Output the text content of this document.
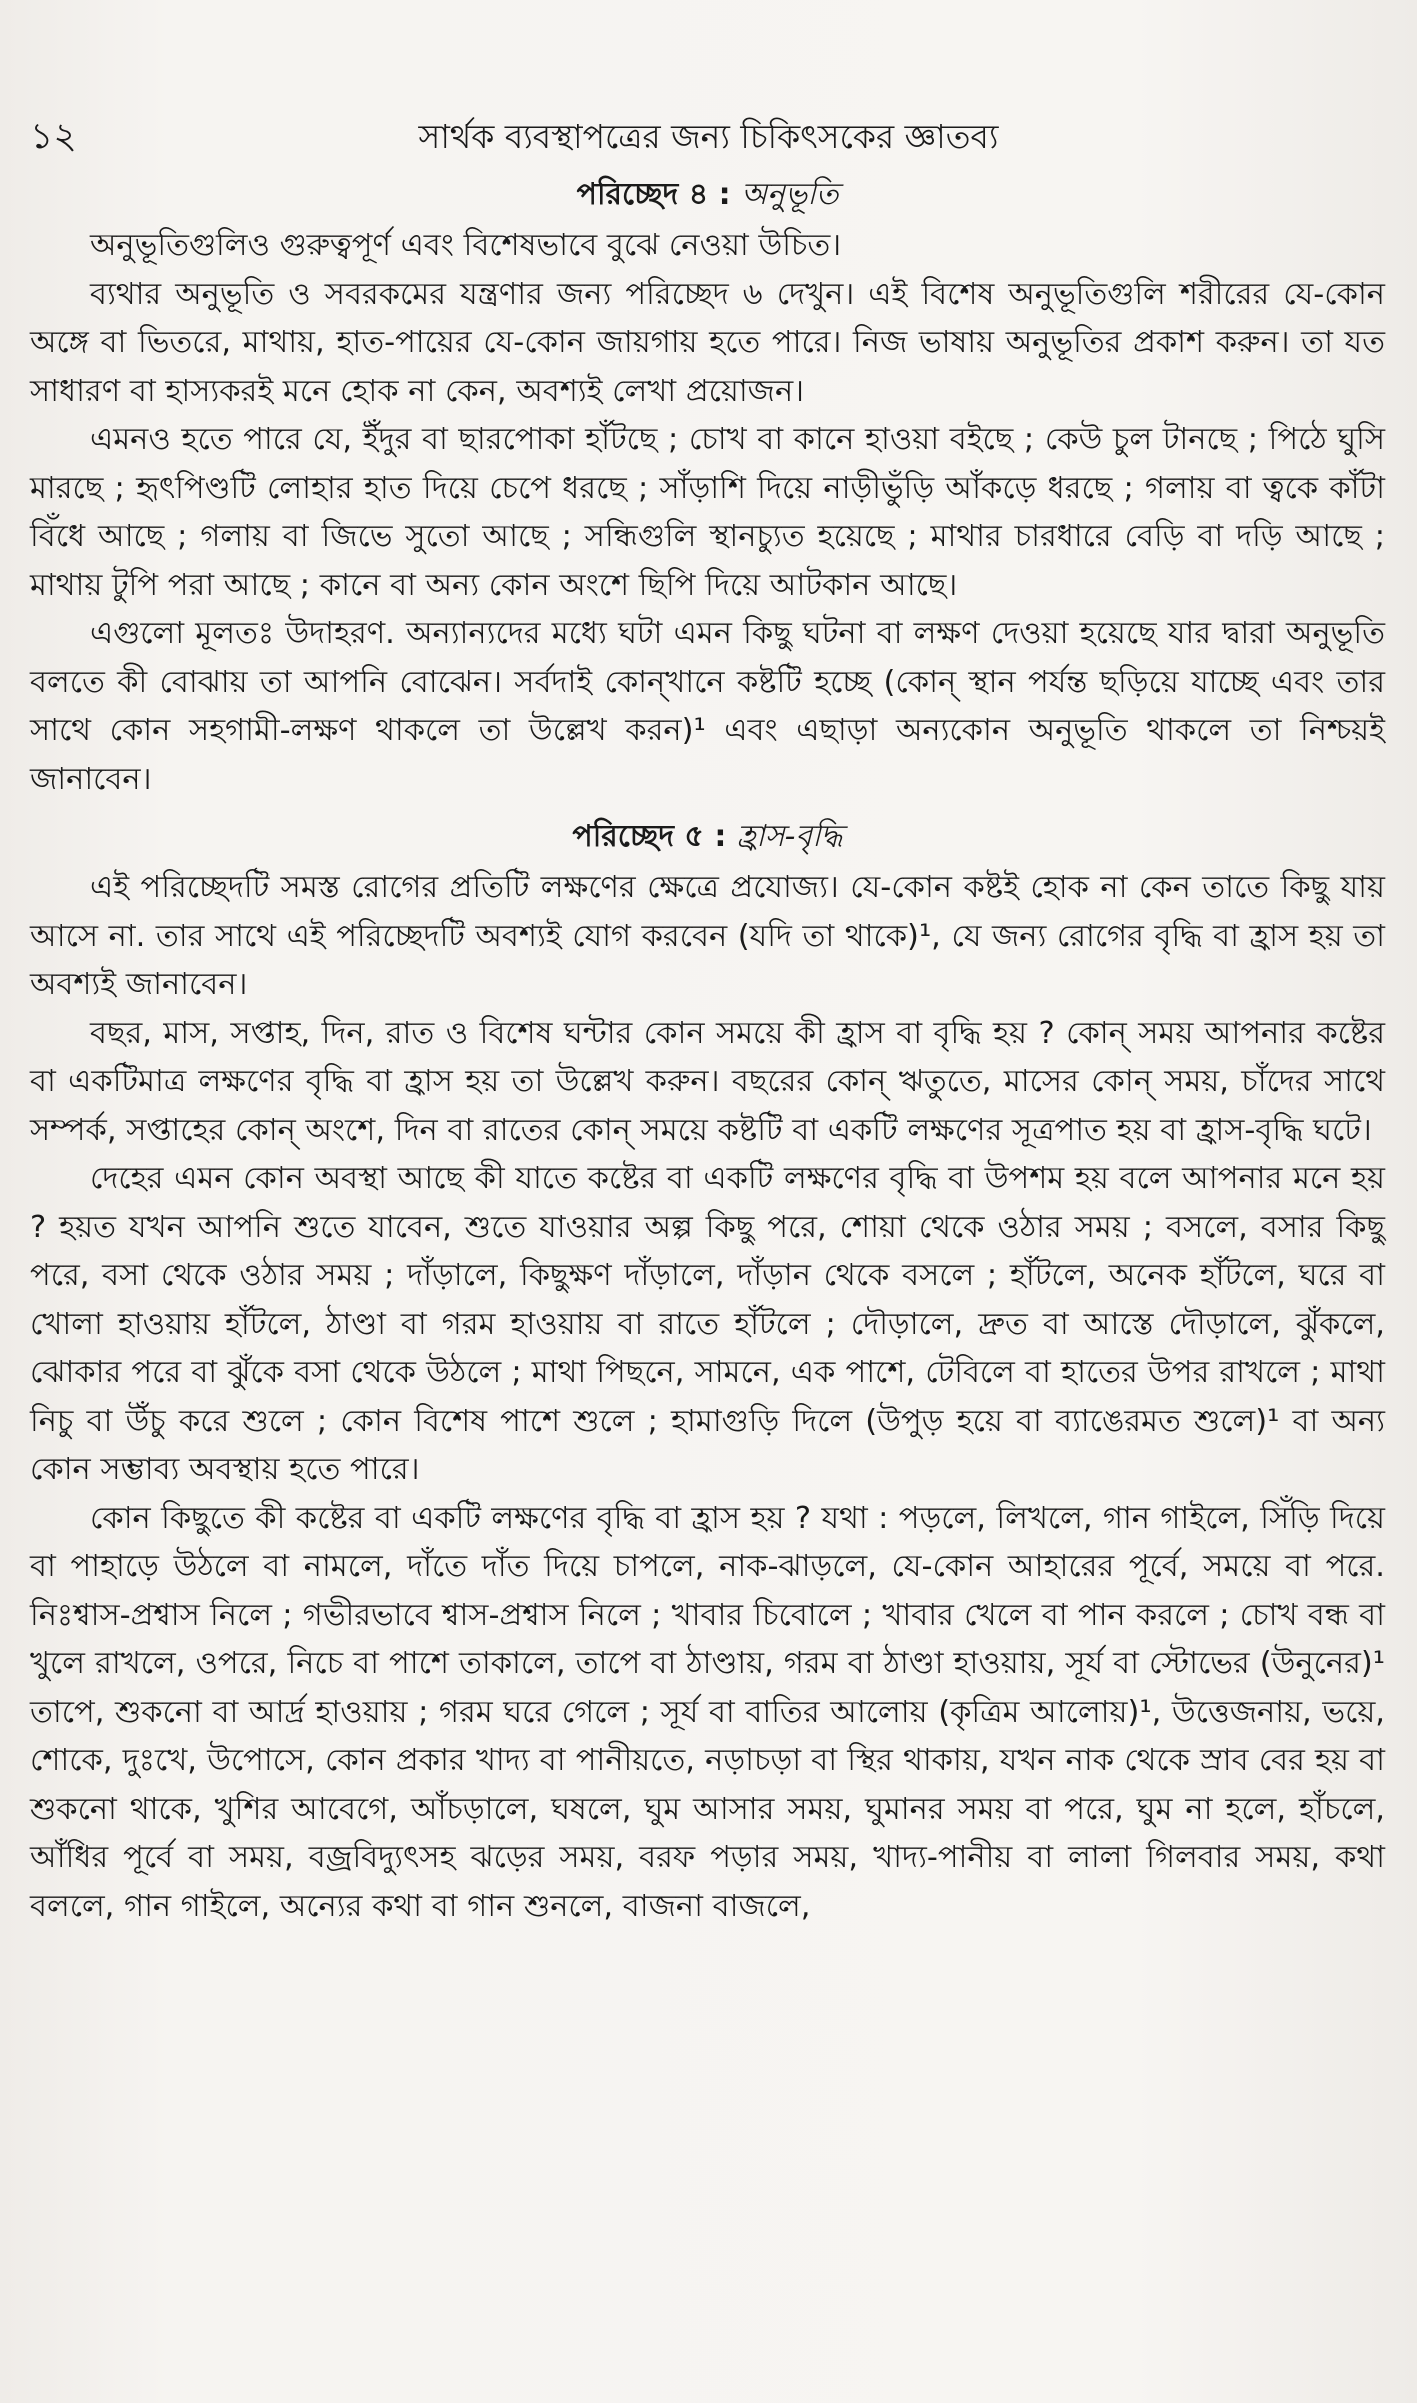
১২	সার্থক ব্যবস্থাপত্রের জন্য চিকিৎসকের জ্ঞাতব্য
পরিচ্ছেদ ৪ : অনুভূতি

অনুভূতিগুলিও গুরুত্বপূর্ণ এবং বিশেষভাবে বুঝে নেওয়া উচিত।

ব্যথার অনুভূতি ও সবরকমের যন্ত্রণার জন্য পরিচ্ছেদ ৬ দেখুন। এই বিশেষ অনুভূতিগুলি শরীরের যে-কোন অঙ্গে বা ভিতরে, মাথায়, হাত-পায়ের যে-কোন জায়গায় হতে পারে। নিজ ভাষায় অনুভূতির প্রকাশ করুন। তা যত সাধারণ বা হাস্যকরই মনে হোক না কেন, অবশ্যই লেখা প্রয়োজন।

এমনও হতে পারে যে, ইঁদুর বা ছারপোকা হাঁটছে ; চোখ বা কানে হাওয়া বইছে ; কেউ চুল টানছে ; পিঠে ঘুসি মারছে ; হৃৎপিণ্ডটি লোহার হাত দিয়ে চেপে ধরছে ; সাঁড়াশি দিয়ে নাড়ীভুঁড়ি আঁকড়ে ধরছে ; গলায় বা ত্বকে কাঁটা বিঁধে আছে ; গলায় বা জিভে সুতো আছে ; সন্ধিগুলি স্থানচ্যুত হয়েছে ; মাথার চারধারে বেড়ি বা দড়ি আছে ; মাথায় টুপি পরা আছে ; কানে বা অন্য কোন অংশে ছিপি দিয়ে আটকান আছে।

এগুলো মূলতঃ উদাহরণ. অন্যান্যদের মধ্যে ঘটা এমন কিছু ঘটনা বা লক্ষণ দেওয়া হয়েছে যার দ্বারা অনুভূতি বলতে কী বোঝায় তা আপনি বোঝেন। সর্বদাই কোন্খানে কষ্টটি হচ্ছে (কোন্ স্থান পর্যন্ত ছড়িয়ে যাচ্ছে এবং তার সাথে কোন সহগামী-লক্ষণ থাকলে তা উল্লেখ করন)¹ এবং এছাড়া অন্যকোন অনুভূতি থাকলে তা নিশ্চয়ই জানাবেন।

পরিচ্ছেদ ৫ : হ্রাস-বৃদ্ধি

এই পরিচ্ছেদটি সমস্ত রোগের প্রতিটি লক্ষণের ক্ষেত্রে প্রযোজ্য। যে-কোন কষ্টই হোক না কেন তাতে কিছু যায় আসে না. তার সাথে এই পরিচ্ছেদটি অবশ্যই যোগ করবেন (যদি তা থাকে)¹, যে জন্য রোগের বৃদ্ধি বা হ্রাস হয় তা অবশ্যই জানাবেন।

বছর, মাস, সপ্তাহ, দিন, রাত ও বিশেষ ঘন্টার কোন সময়ে কী হ্রাস বা বৃদ্ধি হয় ? কোন্ সময় আপনার কষ্টের বা একটিমাত্র লক্ষণের বৃদ্ধি বা হ্রাস হয় তা উল্লেখ করুন। বছরের কোন্ ঋতুতে, মাসের কোন্ সময়, চাঁদের সাথে সম্পর্ক, সপ্তাহের কোন্ অংশে, দিন বা রাতের কোন্ সময়ে কষ্টটি বা একটি লক্ষণের সূত্রপাত হয় বা হ্রাস-বৃদ্ধি ঘটে।

দেহের এমন কোন অবস্থা আছে কী যাতে কষ্টের বা একটি লক্ষণের বৃদ্ধি বা উপশম হয় বলে আপনার মনে হয় ? হয়ত যখন আপনি শুতে যাবেন, শুতে যাওয়ার অল্প কিছু পরে, শোয়া থেকে ওঠার সময় ; বসলে, বসার কিছু পরে, বসা থেকে ওঠার সময় ; দাঁড়ালে, কিছুক্ষণ দাঁড়ালে, দাঁড়ান থেকে বসলে ; হাঁটলে, অনেক হাঁটলে, ঘরে বা খোলা হাওয়ায় হাঁটলে, ঠাণ্ডা বা গরম হাওয়ায় বা রাতে হাঁটলে ; দৌড়ালে, দ্রুত বা আস্তে দৌড়ালে, ঝুঁকলে, ঝোকার পরে বা ঝুঁকে বসা থেকে উঠলে ; মাথা পিছনে, সামনে, এক পাশে, টেবিলে বা হাতের উপর রাখলে ; মাথা নিচু বা উঁচু করে শুলে ; কোন বিশেষ পাশে শুলে ; হামাগুড়ি দিলে (উপুড় হয়ে বা ব্যাঙেরমত শুলে)¹ বা অন্য কোন সম্ভাব্য অবস্থায় হতে পারে।

কোন কিছুতে কী কষ্টের বা একটি লক্ষণের বৃদ্ধি বা হ্রাস হয় ? যথা : পড়লে, লিখলে, গান গাইলে, সিঁড়ি দিয়ে বা পাহাড়ে উঠলে বা নামলে, দাঁতে দাঁত দিয়ে চাপলে, নাক-ঝাড়লে, যে-কোন আহারের পূর্বে, সময়ে বা পরে. নিঃশ্বাস-প্রশ্বাস নিলে ; গভীরভাবে শ্বাস-প্রশ্বাস নিলে ; খাবার চিবোলে ; খাবার খেলে বা পান করলে ; চোখ বন্ধ বা খুলে রাখলে, ওপরে, নিচে বা পাশে তাকালে, তাপে বা ঠাণ্ডায়, গরম বা ঠাণ্ডা হাওয়ায়, সূর্য বা স্টোভের (উনুনের)¹ তাপে, শুকনো বা আর্দ্র হাওয়ায় ; গরম ঘরে গেলে ; সূর্য বা বাতির আলোয় (কৃত্রিম আলোয়)¹, উত্তেজনায়, ভয়ে, শোকে, দুঃখে, উপোসে, কোন প্রকার খাদ্য বা পানীয়তে, নড়াচড়া বা স্থির থাকায়, যখন নাক থেকে স্রাব বের হয় বা শুকনো থাকে, খুশির আবেগে, আঁচড়ালে, ঘষলে, ঘুম আসার সময়, ঘুমানর সময় বা পরে, ঘুম না হলে, হাঁচলে, আঁধির পূর্বে বা সময়, বজ্রবিদ্যুৎসহ ঝড়ের সময়, বরফ পড়ার সময়, খাদ্য-পানীয় বা লালা গিলবার সময়, কথা বললে, গান গাইলে, অন্যের কথা বা গান শুনলে, বাজনা বাজলে,
